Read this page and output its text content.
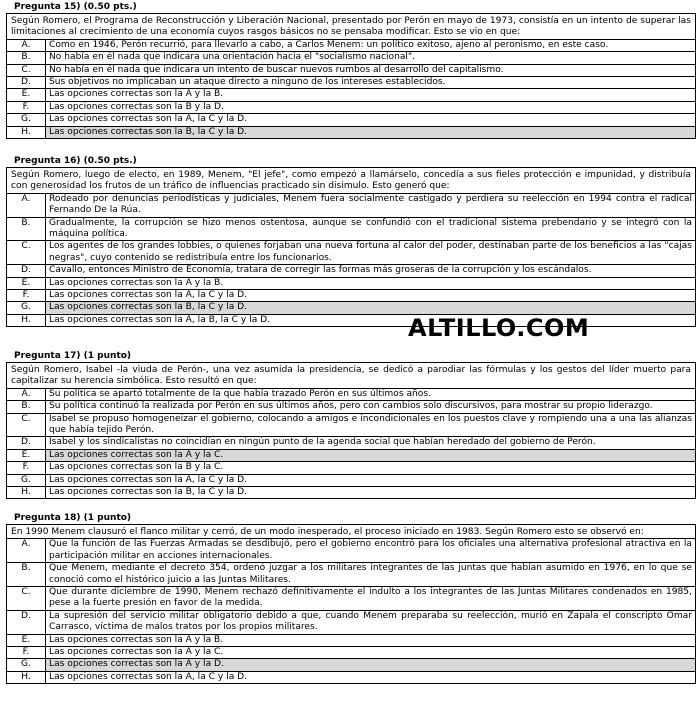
Pregunta 15) (0.50 pts.)
Según Romero, el Programa de Reconstrucción y Liberación Nacional, presentado por Perón en mayo de 1973, consistía en un intento de superar las limitaciones al crecimiento de una economía cuyos rasgos básicos no se pensaba modificar. Esto se vio en que:	
A.	Como en 1946, Perón recurrió, para llevarlo a cabo, a Carlos Menem: un político exitoso, ajeno al peronismo, en este caso.
B.	No había en él nada que indicara una orientación hacia el "socialismo nacional".
C.	No había en él nada que indicara un intento de buscar nuevos rumbos al desarrollo del capitalismo.
D.	Sus objetivos no implicaban un ataque directo a ninguno de los intereses establecidos.
E.	Las opciones correctas son la A y la B.
F.	Las opciones correctas son la B y la D.
G.	Las opciones correctas son la A, la C y la D.
H.	Las opciones correctas son la B, la C y la D.
Pregunta 16) (0.50 pts.)
Según Romero, luego de electo, en 1989, Menem, "El jefe", como empezó a llamárselo, concedía a sus fieles protección e impunidad, y distribuía con generosidad los frutos de un tráfico de influencias practicado sin disimulo. Esto generó que:	
A.	Rodeado por denuncias periodísticas y judiciales, Menem fuera socialmente castigado y perdiera su reelección en 1994 contra el radical Fernando De la Rúa.
B.	Gradualmente, la corrupción se hizo menos ostentosa, aunque se confundió con el tradicional sistema prebendario y se integró con la máquina política.
C.	Los agentes de los grandes lobbies, o quienes forjaban una nueva fortuna al calor del poder, destinaban parte de los beneficios a las "cajas negras", cuyo contenido se redistribuía entre los funcionarios.
D.	Cavallo, entonces Ministro de Economía, tratara de corregir las formas más groseras de la corrupción y los escándalos.
E.	Las opciones correctas son la A y la B.
F.	Las opciones correctas son la A, la C y la D.
G.	Las opciones correctas son la B, la C y la D.
H.	Las opciones correctas son la A, la B, la C y la D.
Pregunta 17) (1 punto)
Según Romero, Isabel -la viuda de Perón-, una vez asumida la presidencia, se dedicó a parodiar las fórmulas y los gestos del líder muerto para capitalizar su herencia simbólica. Esto resultó en que:	
A.	Su política se apartó totalmente de la que había trazado Perón en sus últimos años.
B.	Su política continuó la realizada por Perón en sus últimos años, pero con cambios solo discursivos, para mostrar su propio liderazgo.
C.	Isabel se propuso homogeneizar el gobierno, colocando a amigos e incondicionales en los puestos clave y rompiendo una a una las alianzas que había tejido Perón.
D.	Isabel y los sindicalistas no coincidían en ningún punto de la agenda social que habían heredado del gobierno de Perón.
E.	Las opciones correctas son la A y la C.
F.	Las opciones correctas son la B y la C.
G.	Las opciones correctas son la A, la C y la D.
H.	Las opciones correctas son la B, la C y la D.
Pregunta 18) (1 punto)
En 1990 Menem clausuró el flanco militar y cerró, de un modo inesperado, el proceso iniciado en 1983. Según Romero esto se observó en:	
A.	Que la función de las Fuerzas Armadas se desdibujó, pero el gobierno encontró para los oficiales una alternativa profesional atractiva en la participación militar en acciones internacionales.
B.	Que Menem, mediante el decreto 354, ordenó juzgar a los militares integrantes de las juntas que habían asumido en 1976, en lo que se conoció como el histórico juicio a las Juntas Militares.
C.	Que durante diciembre de 1990, Menem rechazó definitivamente el indulto a los integrantes de las Juntas Militares condenados en 1985, pese a la fuerte presión en favor de la medida.
D.	La supresión del servicio militar obligatorio debido a que, cuando Menem preparaba su reelección, murió en Zapala el conscripto Omar Carrasco, víctima de malos tratos por los propios militares.
E.	Las opciones correctas son la A y la B.
F.	Las opciones correctas son la A y la C.
G.	Las opciones correctas son la A y la D.
H.	Las opciones correctas son la A, la C y la D.
ALTILLO.COM
